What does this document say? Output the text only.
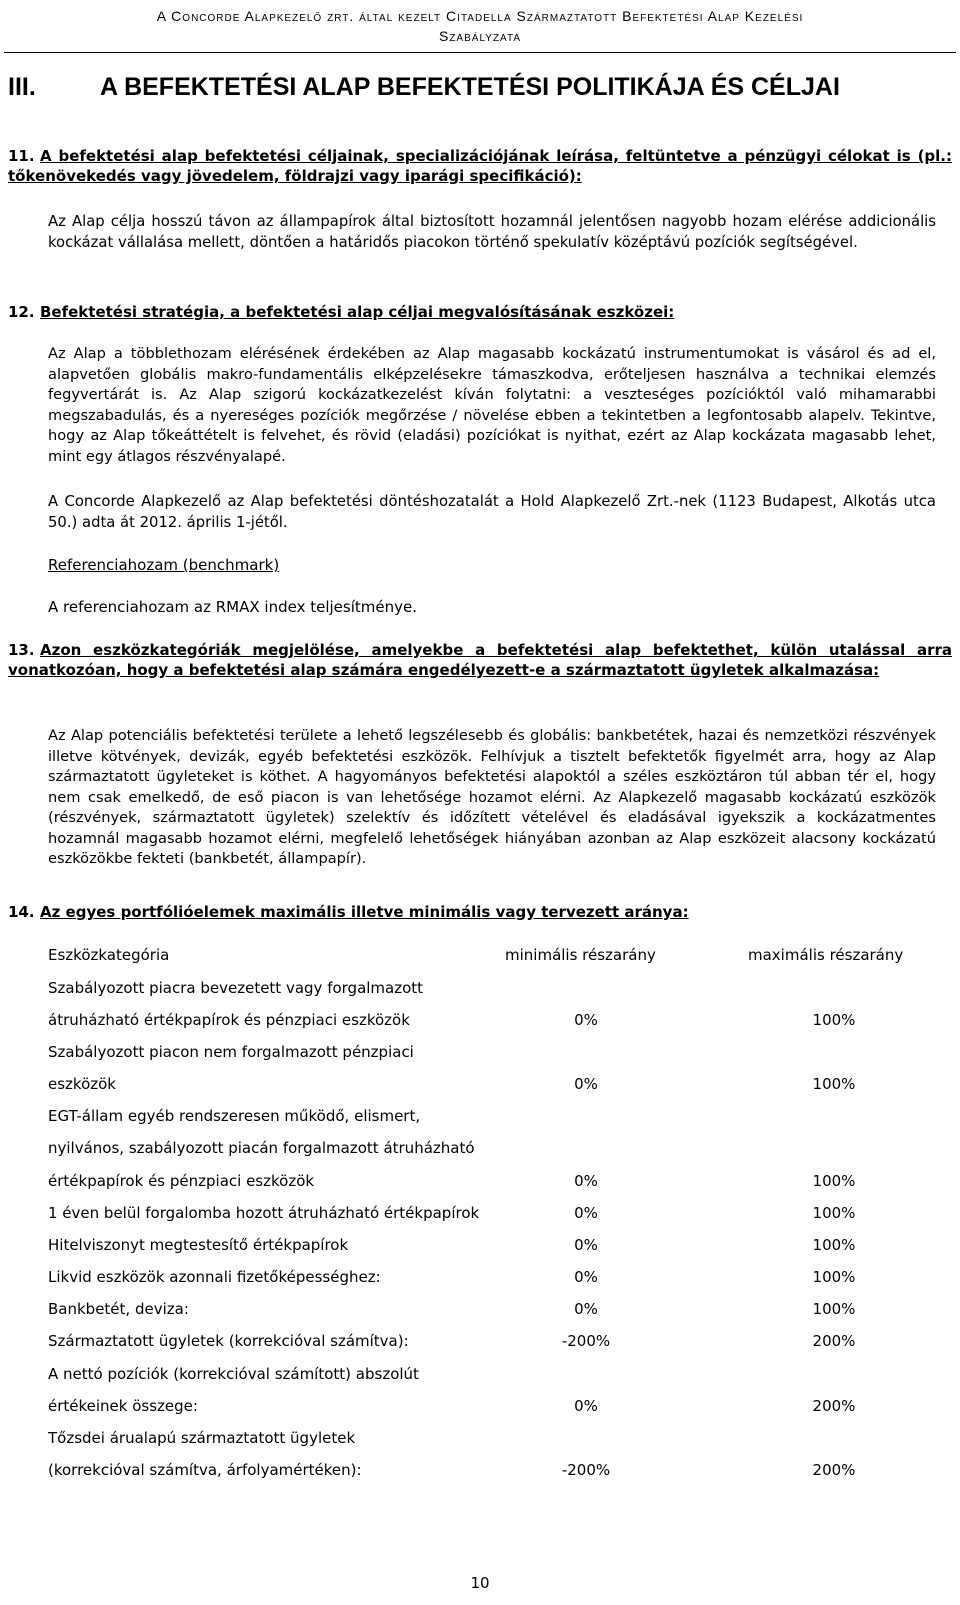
A Concorde Alapkezelő zrt. által kezelt Citadella Származtatott Befektetési Alap Kezelési
Szabályzata
III.	A BEFEKTETÉSI ALAP BEFEKTETÉSI POLITIKÁJA ÉS CÉLJAI
11. A befektetési alap befektetési céljainak, specializációjának leírása, feltüntetve a pénzügyi célokat is (pl.: tőkenövekedés vagy jövedelem, földrajzi vagy iparági specifikáció):
Az Alap célja hosszú távon az állampapírok által biztosított hozamnál jelentősen nagyobb hozam elérése addicionális kockázat vállalása mellett, döntően a határidős piacokon történő spekulatív középtávú pozíciók segítségével.
12. Befektetési stratégia, a befektetési alap céljai megvalósításának eszközei:
Az Alap a többlethozam elérésének érdekében az Alap magasabb kockázatú instrumentumokat is vásárol és ad el, alapvetően globális makro-fundamentális elképzelésekre támaszkodva, erőteljesen használva a technikai elemzés fegyvertárát is. Az Alap szigorú kockázatkezelést kíván folytatni: a veszteséges pozícióktól való mihamarabbi megszabadulás, és a nyereséges pozíciók megőrzése / növelése ebben a tekintetben a legfontosabb alapelv. Tekintve, hogy az Alap tőkeáttételt is felvehet, és rövid (eladási) pozíciókat is nyithat, ezért az Alap kockázata magasabb lehet, mint egy átlagos részvényalapé.
A Concorde Alapkezelő az Alap befektetési döntéshozatalát a Hold Alapkezelő Zrt.-nek (1123 Budapest, Alkotás utca 50.) adta át 2012. április 1-jétől.
Referenciahozam (benchmark)
A referenciahozam az RMAX index teljesítménye.
13. Azon eszközkategóriák megjelölése, amelyekbe a befektetési alap befektethet, külön utalással arra vonatkozóan, hogy a befektetési alap számára engedélyezett-e a származtatott ügyletek alkalmazása:
Az Alap potenciális befektetési területe a lehető legszélesebb és globális: bankbetétek, hazai és nemzetközi részvények illetve kötvények, devizák, egyéb befektetési eszközök. Felhívjuk a tisztelt befektetők figyelmét arra, hogy az Alap származtatott ügyleteket is köthet. A hagyományos befektetési alapoktól a széles eszköztáron túl abban tér el, hogy nem csak emelkedő, de eső piacon is van lehetősége hozamot elérni. Az Alapkezelő magasabb kockázatú eszközök (részvények, származtatott ügyletek) szelektív és időzített vételével és eladásával igyekszik a kockázatmentes hozamnál magasabb hozamot elérni, megfelelő lehetőségek hiányában azonban az Alap eszközeit alacsony kockázatú eszközökbe fekteti (bankbetét, állampapír).
14. Az egyes portfólióelemek maximális illetve minimális vagy tervezett aránya:
Eszközkategória	minimális részarány	maximális részarány
Szabályozott piacra bevezetett vagy forgalmazott
átruházható értékpapírok és pénzpiaci eszközök	0%	100%
Szabályozott piacon nem forgalmazott pénzpiaci
eszközök	0%	100%
EGT-állam egyéb rendszeresen működő, elismert,
nyilvános, szabályozott piacán forgalmazott átruházható
értékpapírok és pénzpiaci eszközök	0%	100%
1 éven belül forgalomba hozott átruházható értékpapírok	0%	100%
Hitelviszonyt megtestesítő értékpapírok	0%	100%
Likvid eszközök azonnali fizetőképességhez:	0%	100%
Bankbetét, deviza:	0%	100%
Származtatott ügyletek (korrekcióval számítva):	-200%	200%
A nettó pozíciók (korrekcióval számított) abszolút
értékeinek összege:	0%	200%
Tőzsdei árualapú származtatott ügyletek
(korrekcióval számítva, árfolyamértéken):	-200%	200%
10
